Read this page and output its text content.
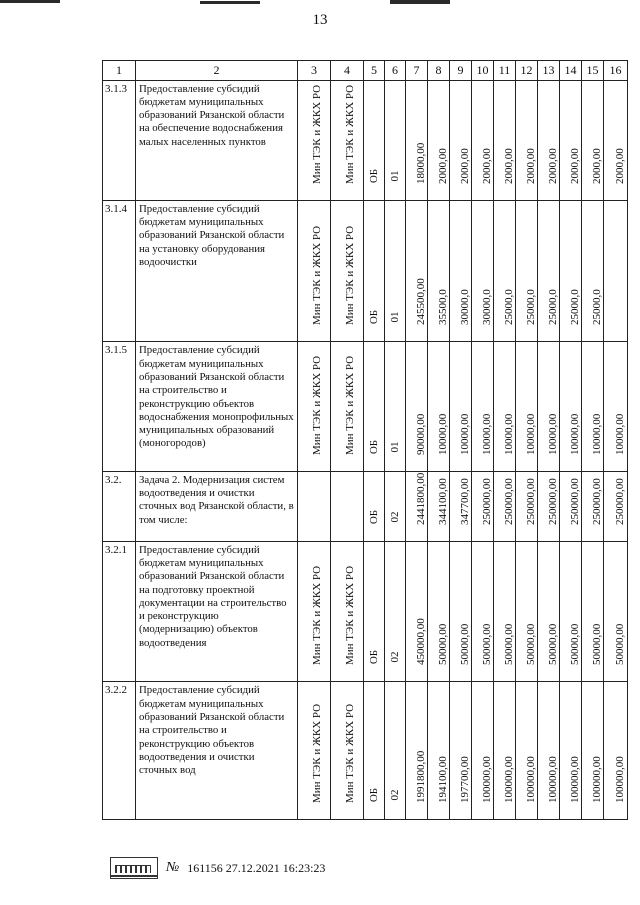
13
1	2	3	4	5	6	7	8	9	10	11	12	13	14	15	16
3.1.3	Предоставление субсидий бюджетам муниципальных образований Рязанской области на обеспечение водоснабжения малых населенных пунктов	Мин ТЭК и ЖКХ РО	Мин ТЭК и ЖКХ РО	ОБ	01	18000,00	2000,00	2000,00	2000,00	2000,00	2000,00	2000,00	2000,00	2000,00	2000,00

3.1.4	Предоставление субсидий бюджетам муниципальных образований Рязанской области на установку оборудования водоочистки	Мин ТЭК и ЖКХ РО	Мин ТЭК и ЖКХ РО	ОБ	01	245500,00	35500,0	30000,0	30000,0	25000,0	25000,0	25000,0	25000,0	25000,0	

3.1.5	Предоставление субсидий бюджетам муниципальных образований Рязанской области на строительство и реконструкцию объектов водоснабжения монопрофильных муниципальных образований (моногородов)	Мин ТЭК и ЖКХ РО	Мин ТЭК и ЖКХ РО	ОБ	01	90000,00	10000,00	10000,00	10000,00	10000,00	10000,00	10000,00	10000,00	10000,00	10000,00

3.2.	Задача 2. Модернизация систем водоотведения и очистки сточных вод Рязанской области, в том числе:			ОБ	02	2441800,00	344100,00	347700,00	250000,00	250000,00	250000,00	250000,00	250000,00	250000,00	250000,00

3.2.1	Предоставление субсидий бюджетам муниципальных образований Рязанской области на подготовку проектной документации на строительство и реконструкцию (модернизацию) объектов водоотведения	Мин ТЭК и ЖКХ РО	Мин ТЭК и ЖКХ РО	ОБ	02	450000,00	50000,00	50000,00	50000,00	50000,00	50000,00	50000,00	50000,00	50000,00	50000,00

3.2.2	Предоставление субсидий бюджетам муниципальных образований Рязанской области на строительство и реконструкцию объектов водоотведения и очистки сточных вод	Мин ТЭК и ЖКХ РО	Мин ТЭК и ЖКХ РО	ОБ	02	1991800,00	194100,00	197700,00	100000,00	100000,00	100000,00	100000,00	100000,00	100000,00	100000,00
№ 161156 27.12.2021 16:23:23
